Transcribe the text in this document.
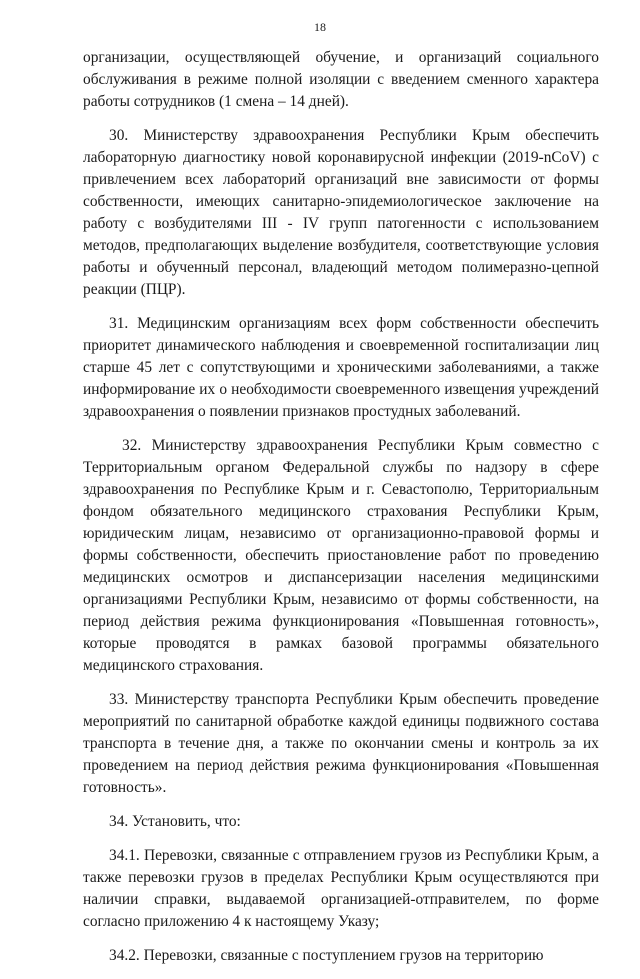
18

организации, осуществляющей обучение, и организаций социального обслуживания в режиме полной изоляции с введением сменного характера работы сотрудников (1 смена – 14 дней).

30. Министерству здравоохранения Республики Крым обеспечить лабораторную диагностику новой коронавирусной инфекции (2019-nCoV) с привлечением всех лабораторий организаций вне зависимости от формы собственности, имеющих санитарно-эпидемиологическое заключение на работу с возбудителями III - IV групп патогенности с использованием методов, предполагающих выделение возбудителя, соответствующие условия работы и обученный персонал, владеющий методом полимеразно-цепной реакции (ПЦР).

31. Медицинским организациям всех форм собственности обеспечить приоритет динамического наблюдения и своевременной госпитализации лиц старше 45 лет с сопутствующими и хроническими заболеваниями, а также информирование их о необходимости своевременного извещения учреждений здравоохранения о появлении признаков простудных заболеваний.

32. Министерству здравоохранения Республики Крым совместно с Территориальным органом Федеральной службы по надзору в сфере здравоохранения по Республике Крым и г. Севастополю, Территориальным фондом обязательного медицинского страхования Республики Крым, юридическим лицам, независимо от организационно-правовой формы и формы собственности, обеспечить приостановление работ по проведению медицинских осмотров и диспансеризации населения медицинскими организациями Республики Крым, независимо от формы собственности, на период действия режима функционирования «Повышенная готовность», которые проводятся в рамках базовой программы обязательного медицинского страхования.

33. Министерству транспорта Республики Крым обеспечить проведение мероприятий по санитарной обработке каждой единицы подвижного состава транспорта в течение дня, а также по окончании смены и контроль за их проведением на период действия режима функционирования «Повышенная готовность».

34. Установить, что:

34.1. Перевозки, связанные с отправлением грузов из Республики Крым, а также перевозки грузов в пределах Республики Крым осуществляются при наличии справки, выдаваемой организацией-отправителем, по форме согласно приложению 4 к настоящему Указу;

34.2. Перевозки, связанные с поступлением грузов на территорию
